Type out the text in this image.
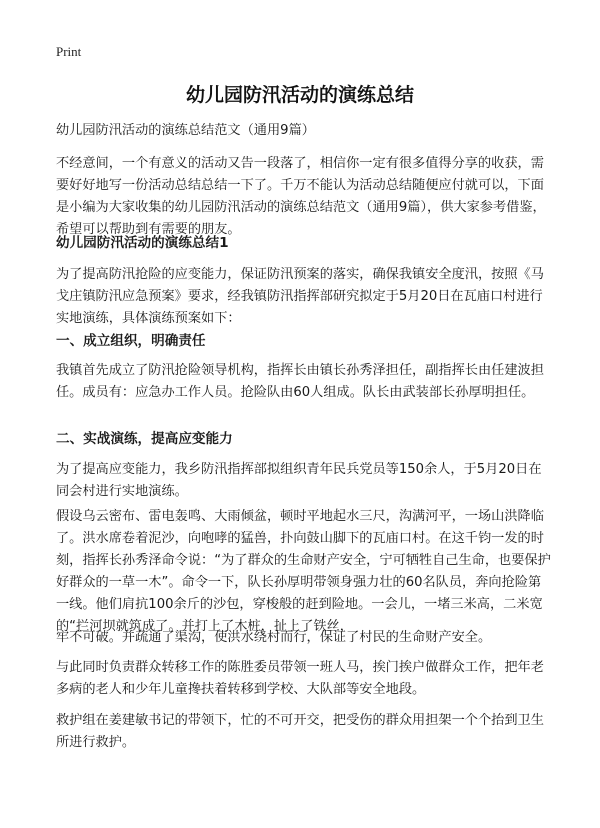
Print
幼儿园防汛活动的演练总结
幼儿园防汛活动的演练总结范文（通用9篇）
不经意间，一个有意义的活动又告一段落了，相信你一定有很多值得分享的收获，需要好好地写一份活动总结总结一下了。千万不能认为活动总结随便应付就可以，下面是小编为大家收集的幼儿园防汛活动的演练总结范文（通用9篇），供大家参考借鉴，希望可以帮助到有需要的朋友。
幼儿园防汛活动的演练总结1
为了提高防汛抢险的应变能力，保证防汛预案的落实，确保我镇安全度汛，按照《马戈庄镇防汛应急预案》要求，经我镇防汛指挥部研究拟定于5月20日在瓦庙口村进行实地演练，具体演练预案如下：
一、成立组织，明确责任
我镇首先成立了防汛抢险领导机构，指挥长由镇长孙秀泽担任，副指挥长由任建波担任。成员有：应急办工作人员。抢险队由60人组成。队长由武装部长孙厚明担任。
二、实战演练，提高应变能力
为了提高应变能力，我乡防汛指挥部拟组织青年民兵党员等150余人，于5月20日在同会村进行实地演练。
假设乌云密布、雷电轰鸣、大雨倾盆，顿时平地起水三尺，沟满河平，一场山洪降临了。洪水席卷着泥沙，向咆哮的猛兽，扑向鼓山脚下的瓦庙口村。在这千钧一发的时刻，指挥长孙秀泽命令说：“为了群众的生命财产安全，宁可牺牲自己生命，也要保护好群众的一草一木”。命令一下，队长孙厚明带领身强力壮的60名队员，奔向抢险第一线。他们肩抗100余斤的沙包，穿梭般的赶到险地。一会儿，一堵三米高，二米宽的“拦河坝就筑成了。并打上了木桩，扯上了铁丝，
牢不可破。并疏通了渠沟，使洪水绕村而行，保证了村民的生命财产安全。
与此同时负责群众转移工作的陈胜委员带领一班人马，挨门挨户做群众工作，把年老多病的老人和少年儿童搀扶着转移到学校、大队部等安全地段。
救护组在姜建敏书记的带领下，忙的不可开交，把受伤的群众用担架一个个抬到卫生所进行救护。
